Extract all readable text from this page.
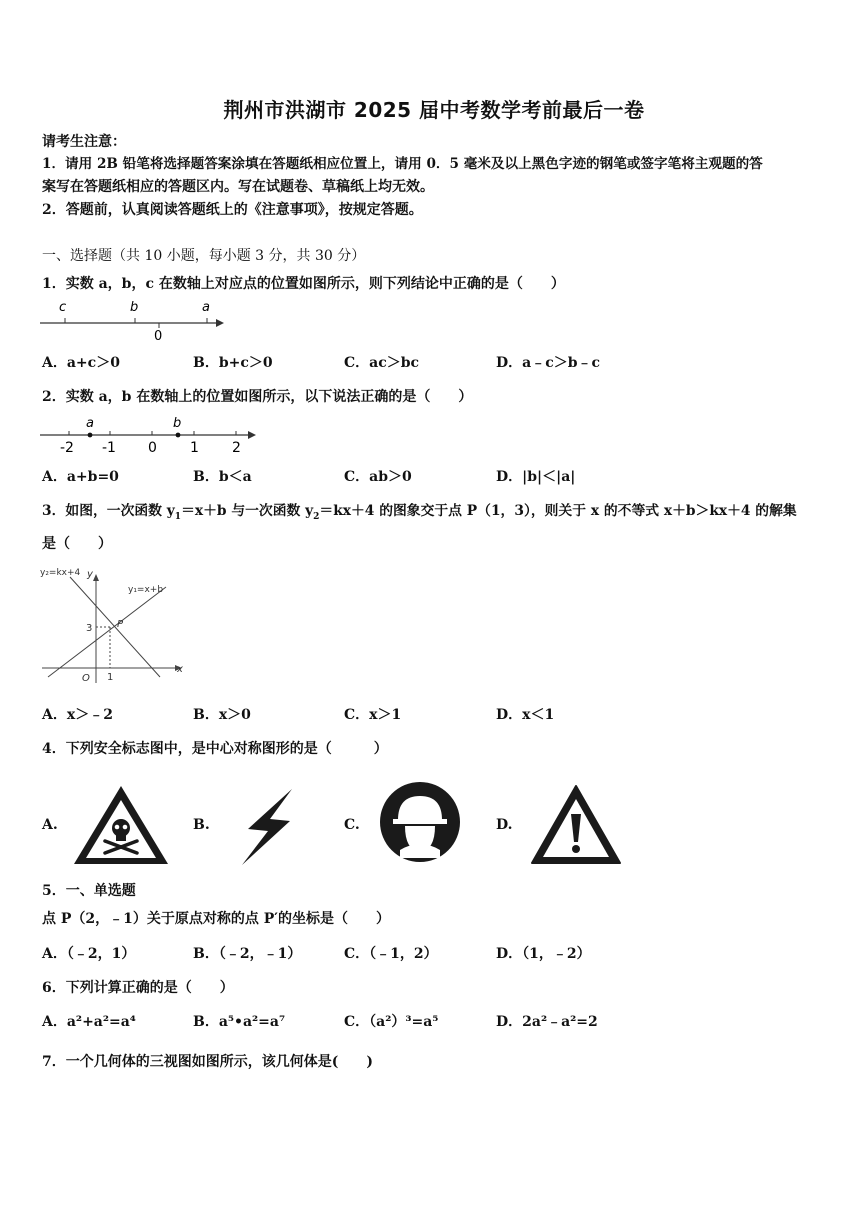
荆州市洪湖市 2025 届中考数学考前最后一卷
请考生注意：
1．请用 2B 铅笔将选择题答案涂填在答题纸相应位置上，请用 0．5 毫米及以上黑色字迹的钢笔或签字笔将主观题的答
案写在答题纸相应的答题区内。写在试题卷、草稿纸上均无效。
2．答题前，认真阅读答题纸上的《注意事项》，按规定答题。
一、选择题（共 10 小题，每小题 3 分，共 30 分）
1．实数 a，b，c 在数轴上对应点的位置如图所示，则下列结论中正确的是（　　）
c	b
0
a
A．a+c＞0	B．b+c＞0	C．ac＞bc	D．a﹣c＞b﹣c
2．实数 a，b 在数轴上的位置如图所示，以下说法正确的是（　　）
a	b
-2 -1 0 1 2
A．a+b=0	B．b＜a	C．ab＞0	D．|b|＜|a|
3．如图，一次函数 $y_1=x+b$ 与一次函数 $y_2=kx+4$ 的图象交于点 P（1，3），则关于 x 的不等式 x＋b＞kx＋4 的解集
是（　　）
y₂=kx+4 y
y₁=x+b
3 P
x
O 1
A．x＞﹣2	B．x＞0	C．x＞1	D．x＜1
4．下列安全标志图中，是中心对称图形的是（　　　）
A.	B.	C.	D.
5．一、单选题
点 P（2，﹣1）关于原点对称的点 P′的坐标是（　　）
A．（﹣2，1）	B．（﹣2，﹣1）	C．（﹣1，2）	D．（1，﹣2）
6．下列计算正确的是（　　）
A．a²+a²=a⁴	B．a⁵•a²=a⁷	C．（a²）³=a⁵	D．2a²﹣a²=2
7．一个几何体的三视图如图所示，该几何体是(　　)
